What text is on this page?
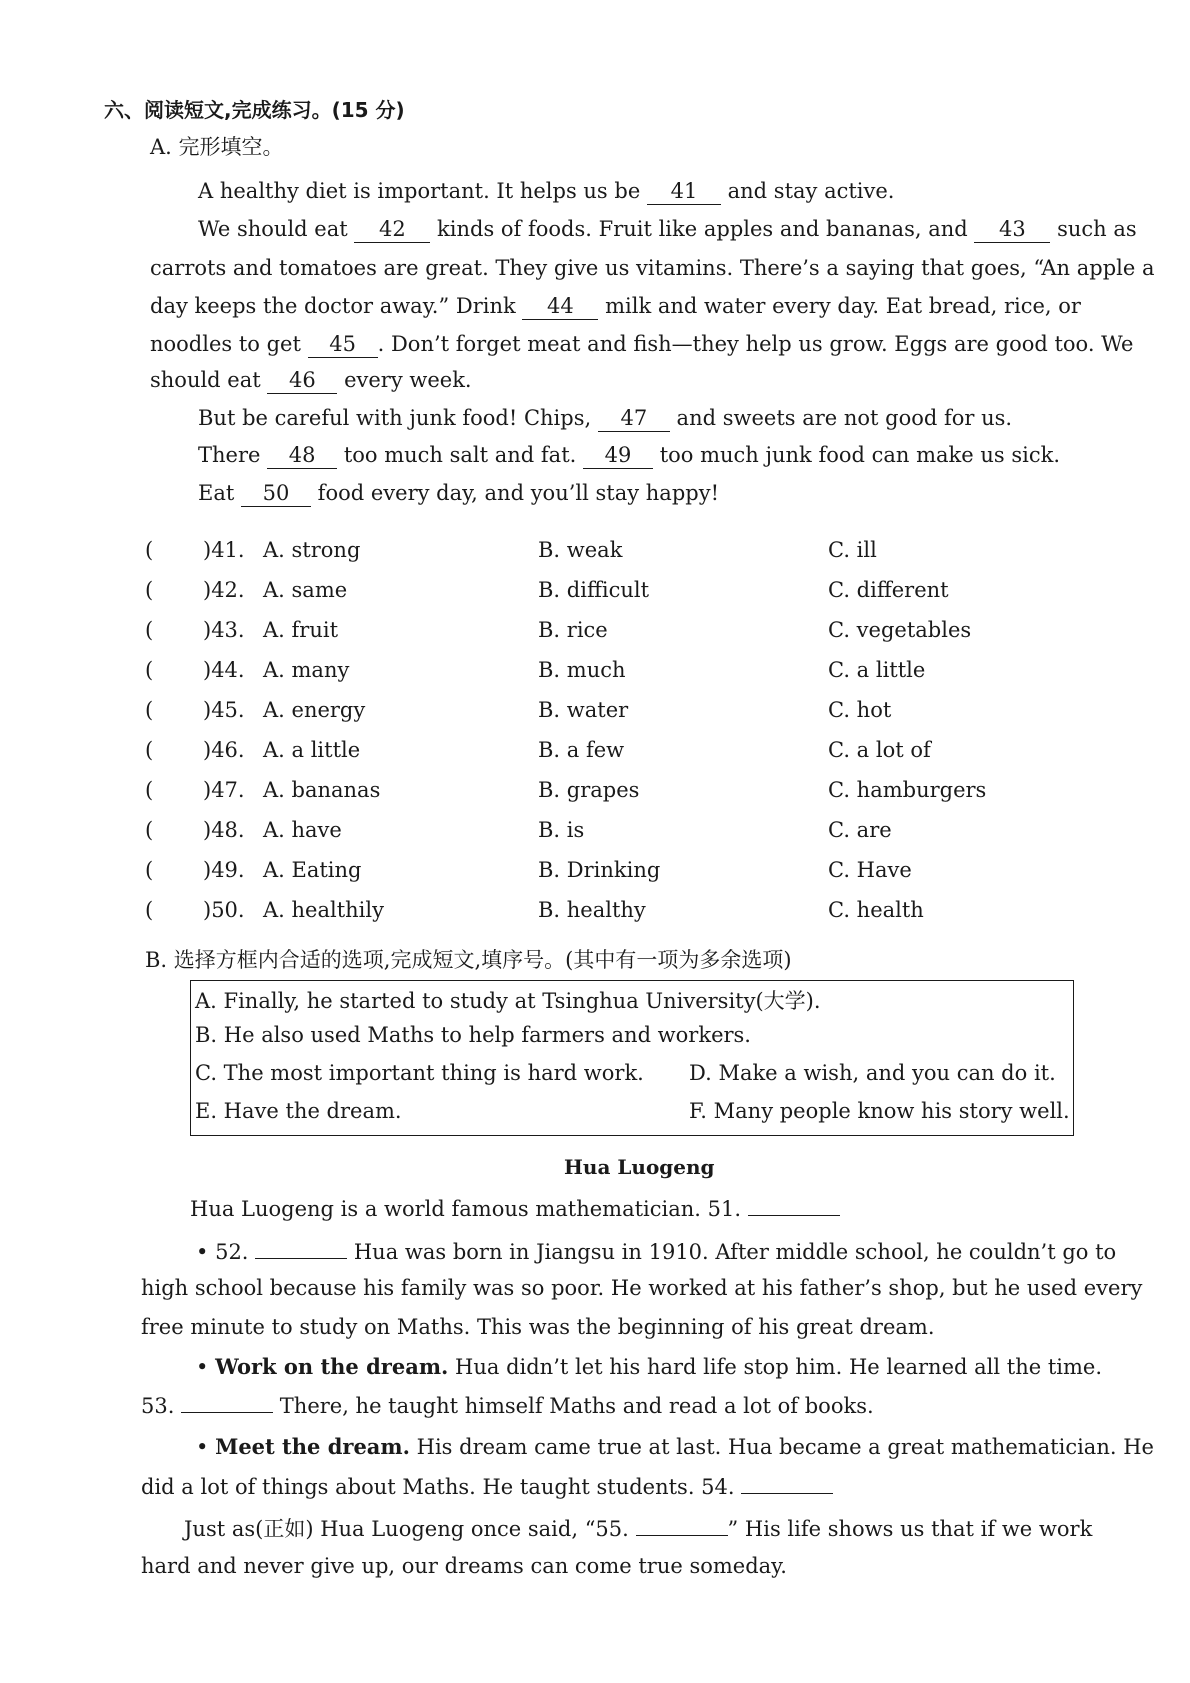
六、阅读短文,完成练习。(15 分)
A. 完形填空。
A healthy diet is important. It helps us be 41 and stay active.
We should eat 42 kinds of foods. Fruit like apples and bananas, and 43 such as
carrots and tomatoes are great. They give us vitamins. There’s a saying that goes, “An apple a
day keeps the doctor away.” Drink 44 milk and water every day. Eat bread, rice, or
noodles to get 45 . Don’t forget meat and fish—they help us grow. Eggs are good too. We
should eat 46 every week.
But be careful with junk food! Chips, 47 and sweets are not good for us.
There 48 too much salt and fat. 49 too much junk food can make us sick.
Eat 50 food every day, and you’ll stay happy!
( )41. A. strong	B. weak	C. ill
( )42. A. same	B. difficult	C. different
( )43. A. fruit	B. rice	C. vegetables
( )44. A. many	B. much	C. a little
( )45. A. energy	B. water	C. hot
( )46. A. a little	B. a few	C. a lot of
( )47. A. bananas	B. grapes	C. hamburgers
( )48. A. have	B. is	C. are
( )49. A. Eating	B. Drinking	C. Have
( )50. A. healthily	B. healthy	C. health
B. 选择方框内合适的选项,完成短文,填序号。(其中有一项为多余选项)
A. Finally, he started to study at Tsinghua University(大学).
B. He also used Maths to help farmers and workers.
C. The most important thing is hard work. D. Make a wish, and you can do it.
E. Have the dream.	F. Many people know his story well.
Hua Luogeng
Hua Luogeng is a world famous mathematician. 51.
• 52.	Hua was born in Jiangsu in 1910. After middle school, he couldn’t go to
high school because his family was so poor. He worked at his father’s shop, but he used every
free minute to study on Maths. This was the beginning of his great dream.
• Work on the dream. Hua didn’t let his hard life stop him. He learned all the time.
53.	There, he taught himself Maths and read a lot of books.
• Meet the dream. His dream came true at last. Hua became a great mathematician. He
did a lot of things about Maths. He taught students. 54.
Just as(正如) Hua Luogeng once said, “55.	” His life shows us that if we work
hard and never give up, our dreams can come true someday.
